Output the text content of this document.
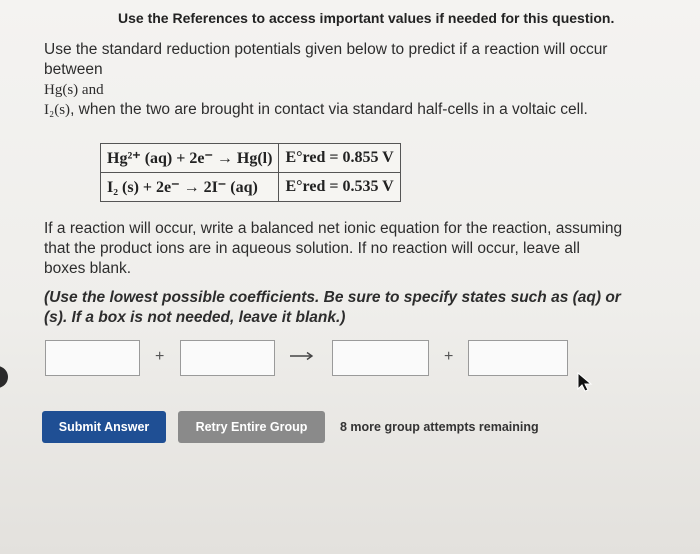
Use the References to access important values if needed for this question.
Use the standard reduction potentials given below to predict if a reaction will occur
between
Hg(s) and
I₂(s), when the two are brought in contact via standard half-cells in a voltaic cell.
Hg²⁺ (aq) + 2e⁻ → Hg(l)	E°red = 0.855 V
I₂ (s) + 2e⁻ → 2I⁻ (aq)	E°red = 0.535 V
If a reaction will occur, write a balanced net ionic equation for the reaction, assuming
that the product ions are in aqueous solution. If no reaction will occur, leave all
boxes blank.
(Use the lowest possible coefficients. Be sure to specify states such as (aq) or
(s). If a box is not needed, leave it blank.)
+	+
Submit Answer	Retry Entire Group	8 more group attempts remaining
